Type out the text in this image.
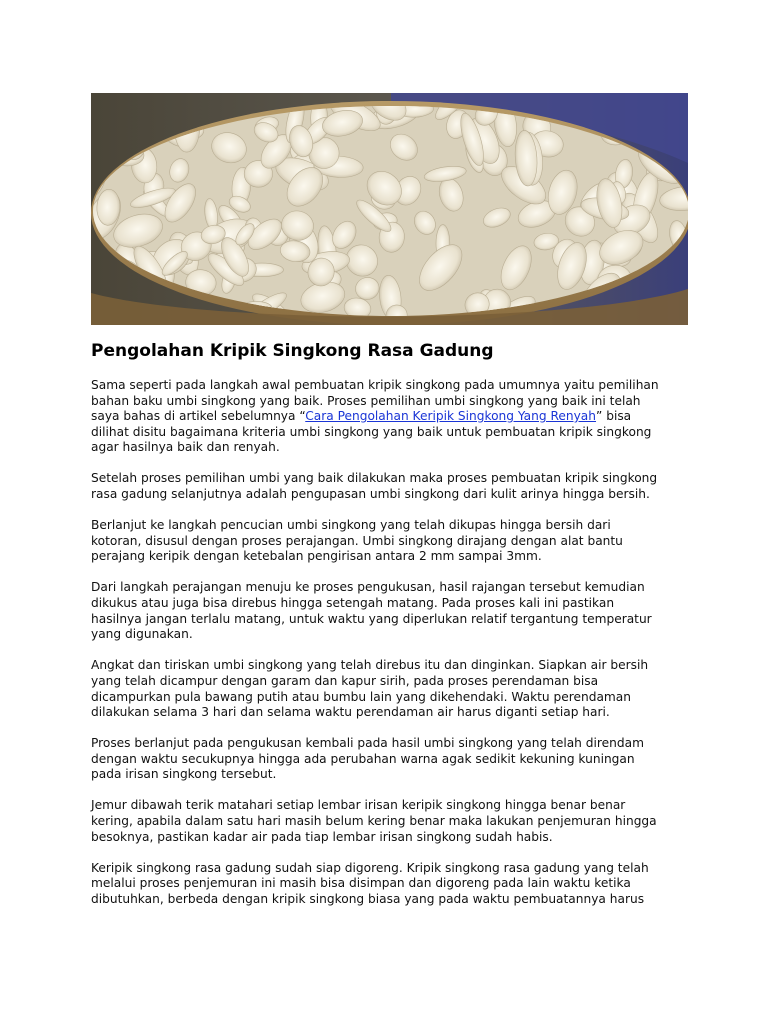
Pengolahan Kripik Singkong Rasa Gadung

Sama seperti pada langkah awal pembuatan kripik singkong pada umumnya yaitu pemilihan
bahan baku umbi singkong yang baik. Proses pemilihan umbi singkong yang baik ini telah
saya bahas di artikel sebelumnya “Cara Pengolahan Keripik Singkong Yang Renyah” bisa
dilihat disitu bagaimana kriteria umbi singkong yang baik untuk pembuatan kripik singkong
agar hasilnya baik dan renyah.

Setelah proses pemilihan umbi yang baik dilakukan maka proses pembuatan kripik singkong
rasa gadung selanjutnya adalah pengupasan umbi singkong dari kulit arinya hingga bersih.

Berlanjut ke langkah pencucian umbi singkong yang telah dikupas hingga bersih dari
kotoran, disusul dengan proses perajangan. Umbi singkong dirajang dengan alat bantu
perajang keripik dengan ketebalan pengirisan antara 2 mm sampai 3mm.

Dari langkah perajangan menuju ke proses pengukusan, hasil rajangan tersebut kemudian
dikukus atau juga bisa direbus hingga setengah matang. Pada proses kali ini pastikan
hasilnya jangan terlalu matang, untuk waktu yang diperlukan relatif tergantung temperatur
yang digunakan.

Angkat dan tiriskan umbi singkong yang telah direbus itu dan dinginkan. Siapkan air bersih
yang telah dicampur dengan garam dan kapur sirih, pada proses perendaman bisa
dicampurkan pula bawang putih atau bumbu lain yang dikehendaki. Waktu perendaman
dilakukan selama 3 hari dan selama waktu perendaman air harus diganti setiap hari.

Proses berlanjut pada pengukusan kembali pada hasil umbi singkong yang telah direndam
dengan waktu secukupnya hingga ada perubahan warna agak sedikit kekuning kuningan
pada irisan singkong tersebut.

Jemur dibawah terik matahari setiap lembar irisan keripik singkong hingga benar benar
kering, apabila dalam satu hari masih belum kering benar maka lakukan penjemuran hingga
besoknya, pastikan kadar air pada tiap lembar irisan singkong sudah habis.

Keripik singkong rasa gadung sudah siap digoreng. Kripik singkong rasa gadung yang telah
melalui proses penjemuran ini masih bisa disimpan dan digoreng pada lain waktu ketika
dibutuhkan, berbeda dengan kripik singkong biasa yang pada waktu pembuatannya harus
